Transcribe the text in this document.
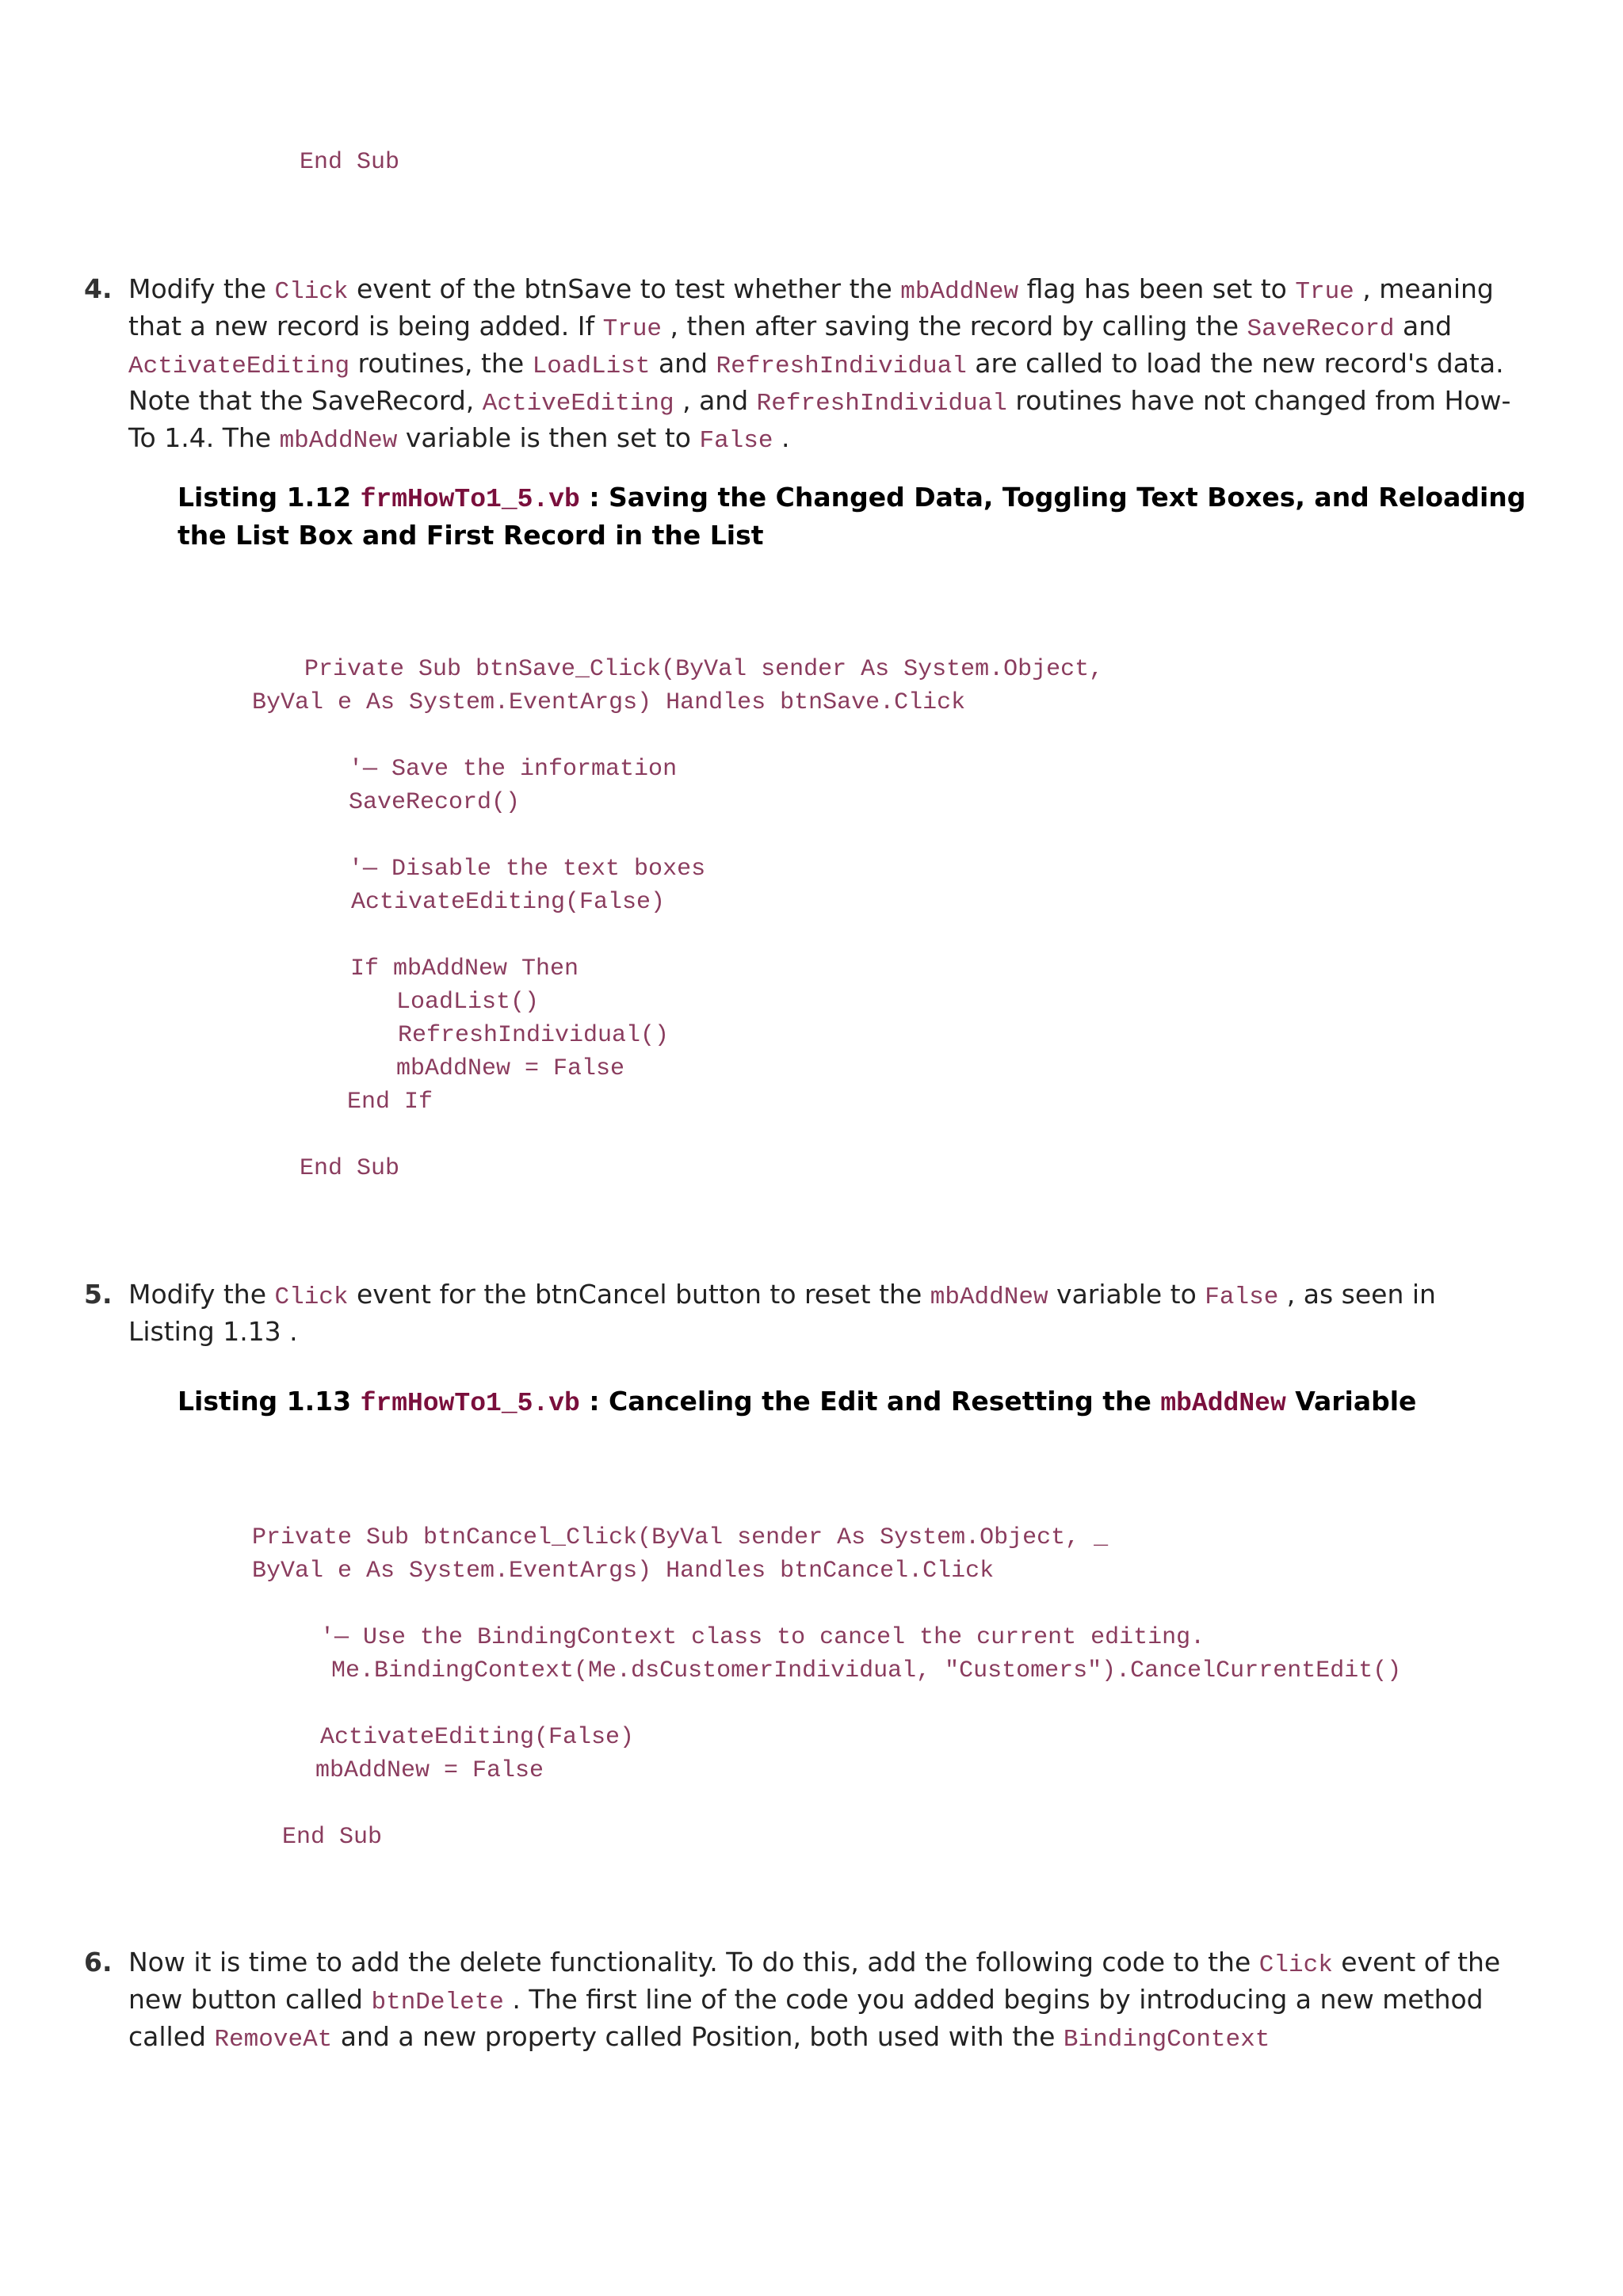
End Sub
4. Modify the Click event of the btnSave to test whether the mbAddNew flag has been set to True , meaning that a new record is being added. If True , then after saving the record by calling the SaveRecord and ActivateEditing routines, the LoadList and RefreshIndividual are called to load the new record's data. Note that the SaveRecord, ActiveEditing , and RefreshIndividual routines have not changed from How-To 1.4. The mbAddNew variable is then set to False .
Listing 1.12 frmHowTo1_5.vb : Saving the Changed Data, Toggling Text Boxes, and Reloading
the List Box and First Record in the List
Private Sub btnSave_Click(ByVal sender As System.Object,
ByVal e As System.EventArgs) Handles btnSave.Click
'— Save the information
SaveRecord()
'— Disable the text boxes
ActivateEditing(False)
If mbAddNew Then
LoadList()
RefreshIndividual()
mbAddNew = False
End If
End Sub
5. Modify the Click event for the btnCancel button to reset the mbAddNew variable to False , as seen in Listing 1.13 .
Listing 1.13 frmHowTo1_5.vb : Canceling the Edit and Resetting the mbAddNew Variable
Private Sub btnCancel_Click(ByVal sender As System.Object, _
ByVal e As System.EventArgs) Handles btnCancel.Click
'— Use the BindingContext class to cancel the current editing.
Me.BindingContext(Me.dsCustomerIndividual, "Customers").CancelCurrentEdit()
ActivateEditing(False)
mbAddNew = False
End Sub
6. Now it is time to add the delete functionality. To do this, add the following code to the Click event of the new button called btnDelete . The first line of the code you added begins by introducing a new method called RemoveAt and a new property called Position, both used with the BindingContext
